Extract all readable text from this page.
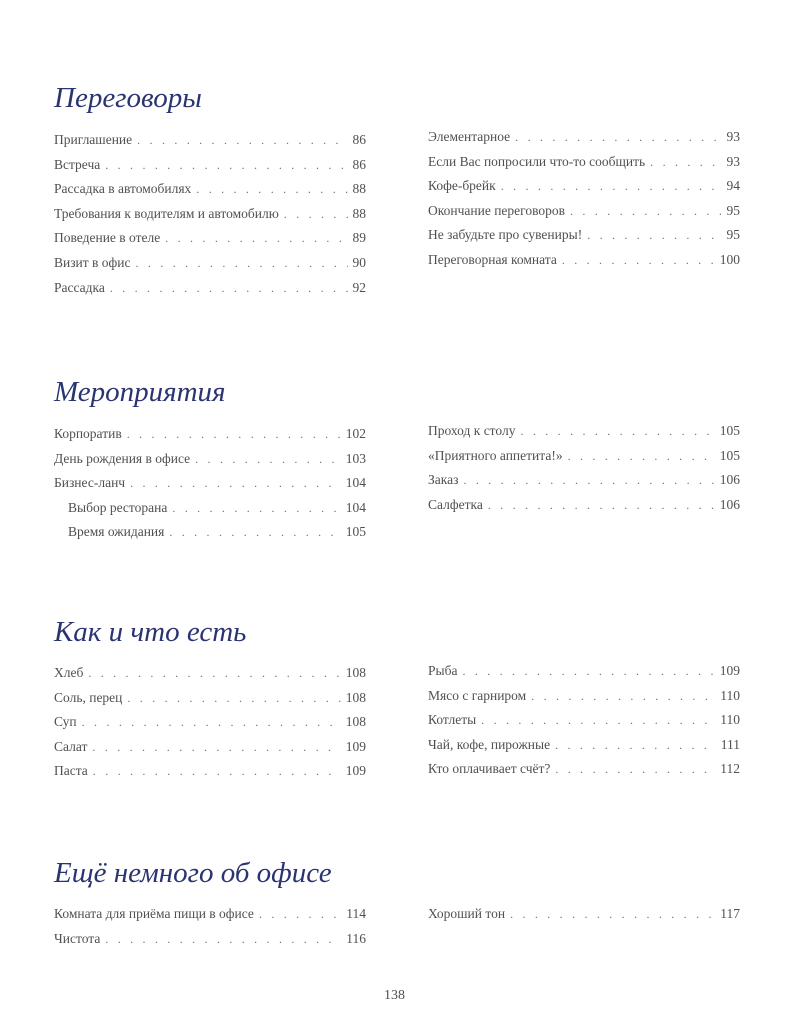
Переговоры
Приглашение . . .	86
Встреча . . .	86
Рассадка в автомобилях . . .	88
Требования к водителям и автомобилю . . .	88
Поведение в отеле . . .	89
Визит в офис . . .	90
Рассадка . . .	92
Элементарное . . .	93
Если Вас попросили что-то сообщить . . .	93
Кофе-брейк . . .	94
Окончание переговоров . . .	95
Не забудьте про сувениры! . . .	95
Переговорная комната . . .	100
Мероприятия
Корпоратив . . .	102
День рождения в офисе . . .	103
Бизнес-ланч . . .	104
Выбор ресторана . . .	104
Время ожидания . . .	105
Проход к столу . . .	105
«Приятного аппетита!» . . .	105
Заказ . . .	106
Салфетка . . .	106
Как и что есть
Хлеб . . .	108
Соль, перец . . .	108
Суп . . .	108
Салат . . .	109
Паста . . .	109
Рыба . . .	109
Мясо с гарниром . . .	110
Котлеты . . .	110
Чай, кофе, пирожные . . .	111
Кто оплачивает счёт? . . .	112
Ещё немного об офисе
Комната для приёма пищи в офисе . . .	114
Чистота . . .	116
Хороший тон . . .	117
138
